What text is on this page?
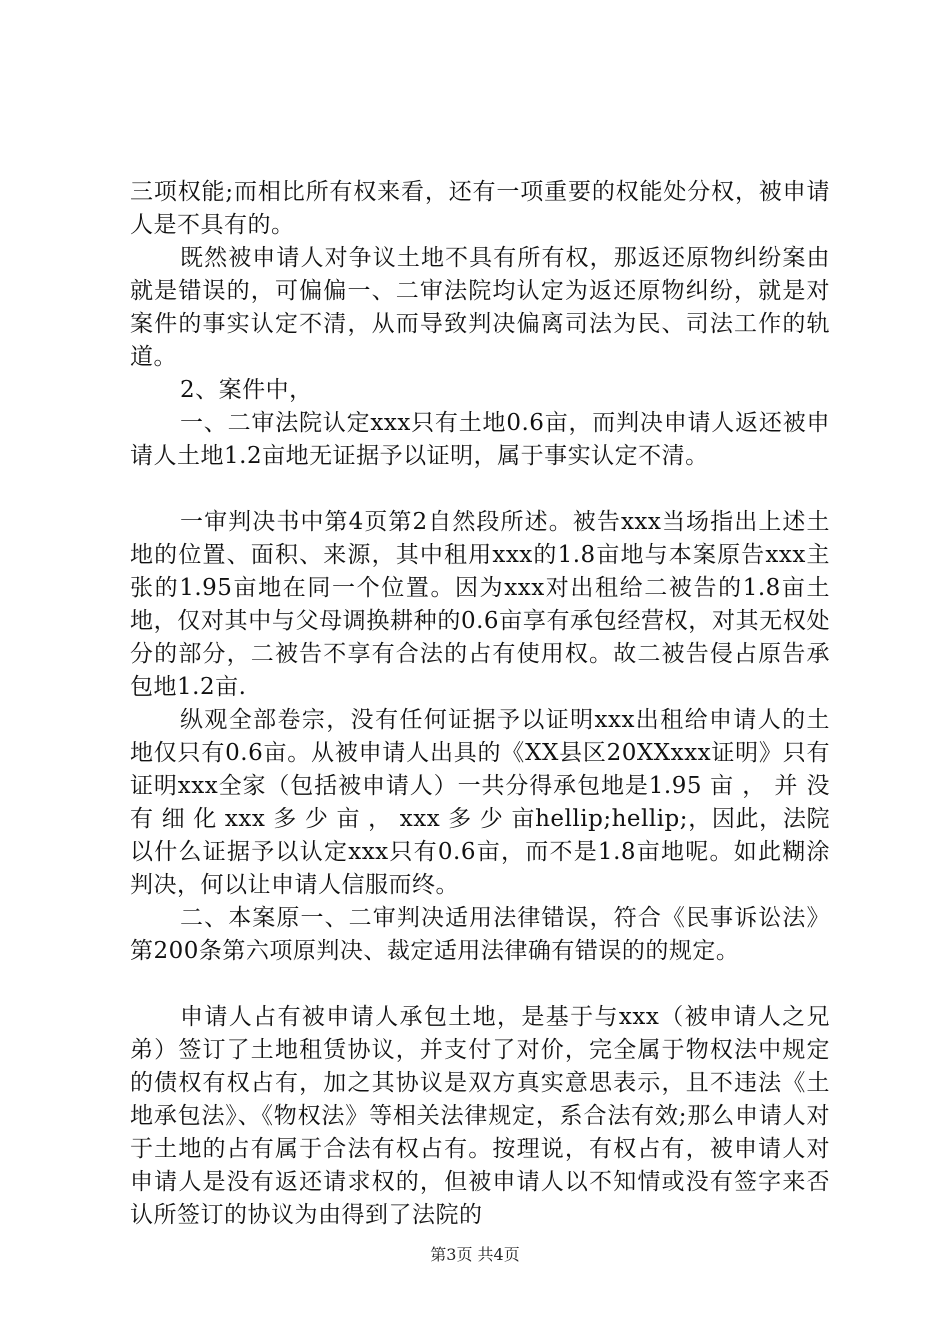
三项权能;而相比所有权来看，还有一项重要的权能处分权，被申请人是不具有的。

既然被申请人对争议土地不具有所有权，那返还原物纠纷案由就是错误的，可偏偏一、二审法院均认定为返还原物纠纷，就是对案件的事实认定不清，从而导致判决偏离司法为民、司法工作的轨道。

2、案件中，

一、二审法院认定xxx只有土地0.6亩，而判决申请人返还被申请人土地1.2亩地无证据予以证明，属于事实认定不清。

一审判决书中第4页第2自然段所述。被告xxx当场指出上述土地的位置、面积、来源，其中租用xxx的1.8亩地与本案原告xxx主张的1.95亩地在同一个位置。因为xxx对出租给二被告的1.8亩土地，仅对其中与父母调换耕种的0.6亩享有承包经营权，对其无权处分的部分，二被告不享有合法的占有使用权。故二被告侵占原告承包地1.2亩.

纵观全部卷宗，没有任何证据予以证明xxx出租给申请人的土地仅只有0.6亩。从被申请人出具的《XX县区20XXxxx证明》只有证明xxx全家（包括被申请人）一共分得承包地是1.95 亩 ， 并 没 有 细 化 xxx 多 少 亩 ， xxx 多 少 亩hellip;hellip;，因此，法院以什么证据予以认定xxx只有0.6亩，而不是1.8亩地呢。如此糊涂判决，何以让申请人信服而终。

二、本案原一、二审判决适用法律错误，符合《民事诉讼法》第200条第六项原判决、裁定适用法律确有错误的的规定。

申请人占有被申请人承包土地，是基于与xxx（被申请人之兄弟）签订了土地租赁协议，并支付了对价，完全属于物权法中规定的债权有权占有，加之其协议是双方真实意思表示，且不违法《土地承包法》、《物权法》等相关法律规定，系合法有效;那么申请人对于土地的占有属于合法有权占有。按理说，有权占有，被申请人对申请人是没有返还请求权的，但被申请人以不知情或没有签字来否认所签订的协议为由得到了法院的

第3页 共4页
